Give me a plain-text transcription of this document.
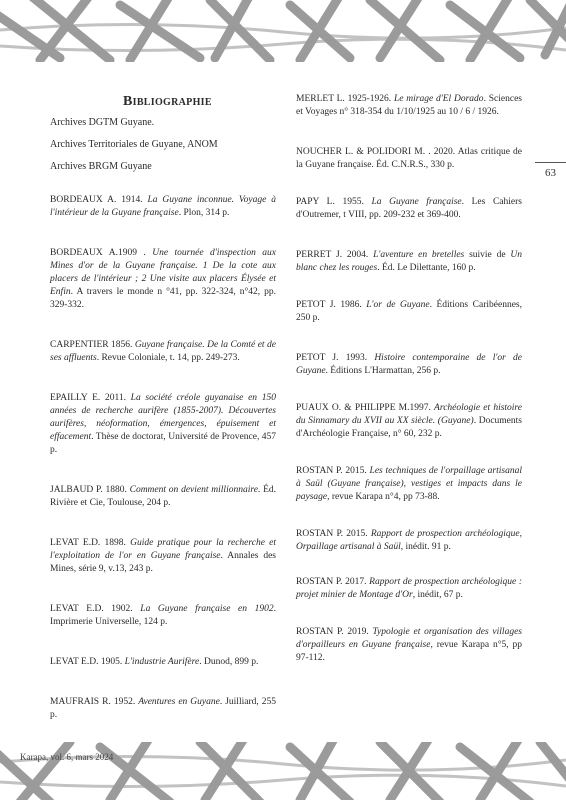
Bibliographie

Archives DGTM Guyane.

Archives Territoriales de Guyane, ANOM

Archives BRGM Guyane

BORDEAUX A. 1914. La Guyane inconnue. Voyage à l'intérieur de la Guyane française. Plon, 314 p.

BORDEAUX A.1909 . Une tournée d'inspection aux Mines d'or de la Guyane française. 1 De la cote aux placers de l'intérieur ; 2 Une visite aux placers Élysée et Enfin. A travers le monde n °41, pp. 322-324, n°42, pp. 329-332.

CARPENTIER 1856. Guyane française. De la Comté et de ses affluents. Revue Coloniale, t. 14, pp. 249-273.

EPAILLY E. 2011. La société créole guyanaise en 150 années de recherche aurifère (1855-2007). Découvertes aurifères, néoformation, émergences, épuisement et effacement. Thèse de doctorat, Université de Provence, 457 p.

JALBAUD P. 1880. Comment on devient millionnaire. Éd. Rivière et Cie, Toulouse, 204 p.

LEVAT E.D. 1898. Guide pratique pour la recherche et l'exploitation de l'or en Guyane française. Annales des Mines, série 9, v.13, 243 p.

LEVAT E.D. 1902. La Guyane française en 1902. Imprimerie Universelle, 124 p.

LEVAT E.D. 1905. L'industrie Aurifère. Dunod, 899 p.

MAUFRAIS R. 1952. Aventures en Guyane. Juilliard, 255 p.

MERLET L. 1925-1926. Le mirage d'El Dorado. Sciences et Voyages n° 318-354 du 1/10/1925 au 10 / 6 / 1926.

NOUCHER L. & POLIDORI M. . 2020. Atlas critique de la Guyane française. Éd. C.N.R.S., 330 p.

PAPY L. 1955. La Guyane française. Les Cahiers d'Outremer, t VIII, pp. 209-232 et 369-400.

PERRET J. 2004. L'aventure en bretelles suivie de Un blanc chez les rouges. Éd. Le Dilettante, 160 p.

PETOT J. 1986. L'or de Guyane. Éditions Caribéennes, 250 p.

PETOT J. 1993. Histoire contemporaine de l'or de Guyane. Éditions L'Harmattan, 256 p.

PUAUX O. & PHILIPPE M.1997. Archéologie et histoire du Sinnamary du XVII au XX siècle. (Guyane). Documents d'Archéologie Française, n° 60, 232 p.

ROSTAN P. 2015. Les techniques de l'orpaillage artisanal à Saül (Guyane française), vestiges et impacts dans le paysage, revue Karapa n°4, pp 73-88.

ROSTAN P. 2015. Rapport de prospection archéologique, Orpaillage artisanal à Saül, inédit. 91 p.

ROSTAN P. 2017. Rapport de prospection archéologique : projet minier de Montage d'Or, inédit, 67 p.

ROSTAN P. 2019. Typologie et organisation des villages d'orpailleurs en Guyane française, revue Karapa n°5, pp 97-112.

63
Karapa, vol. 6, mars 2024
